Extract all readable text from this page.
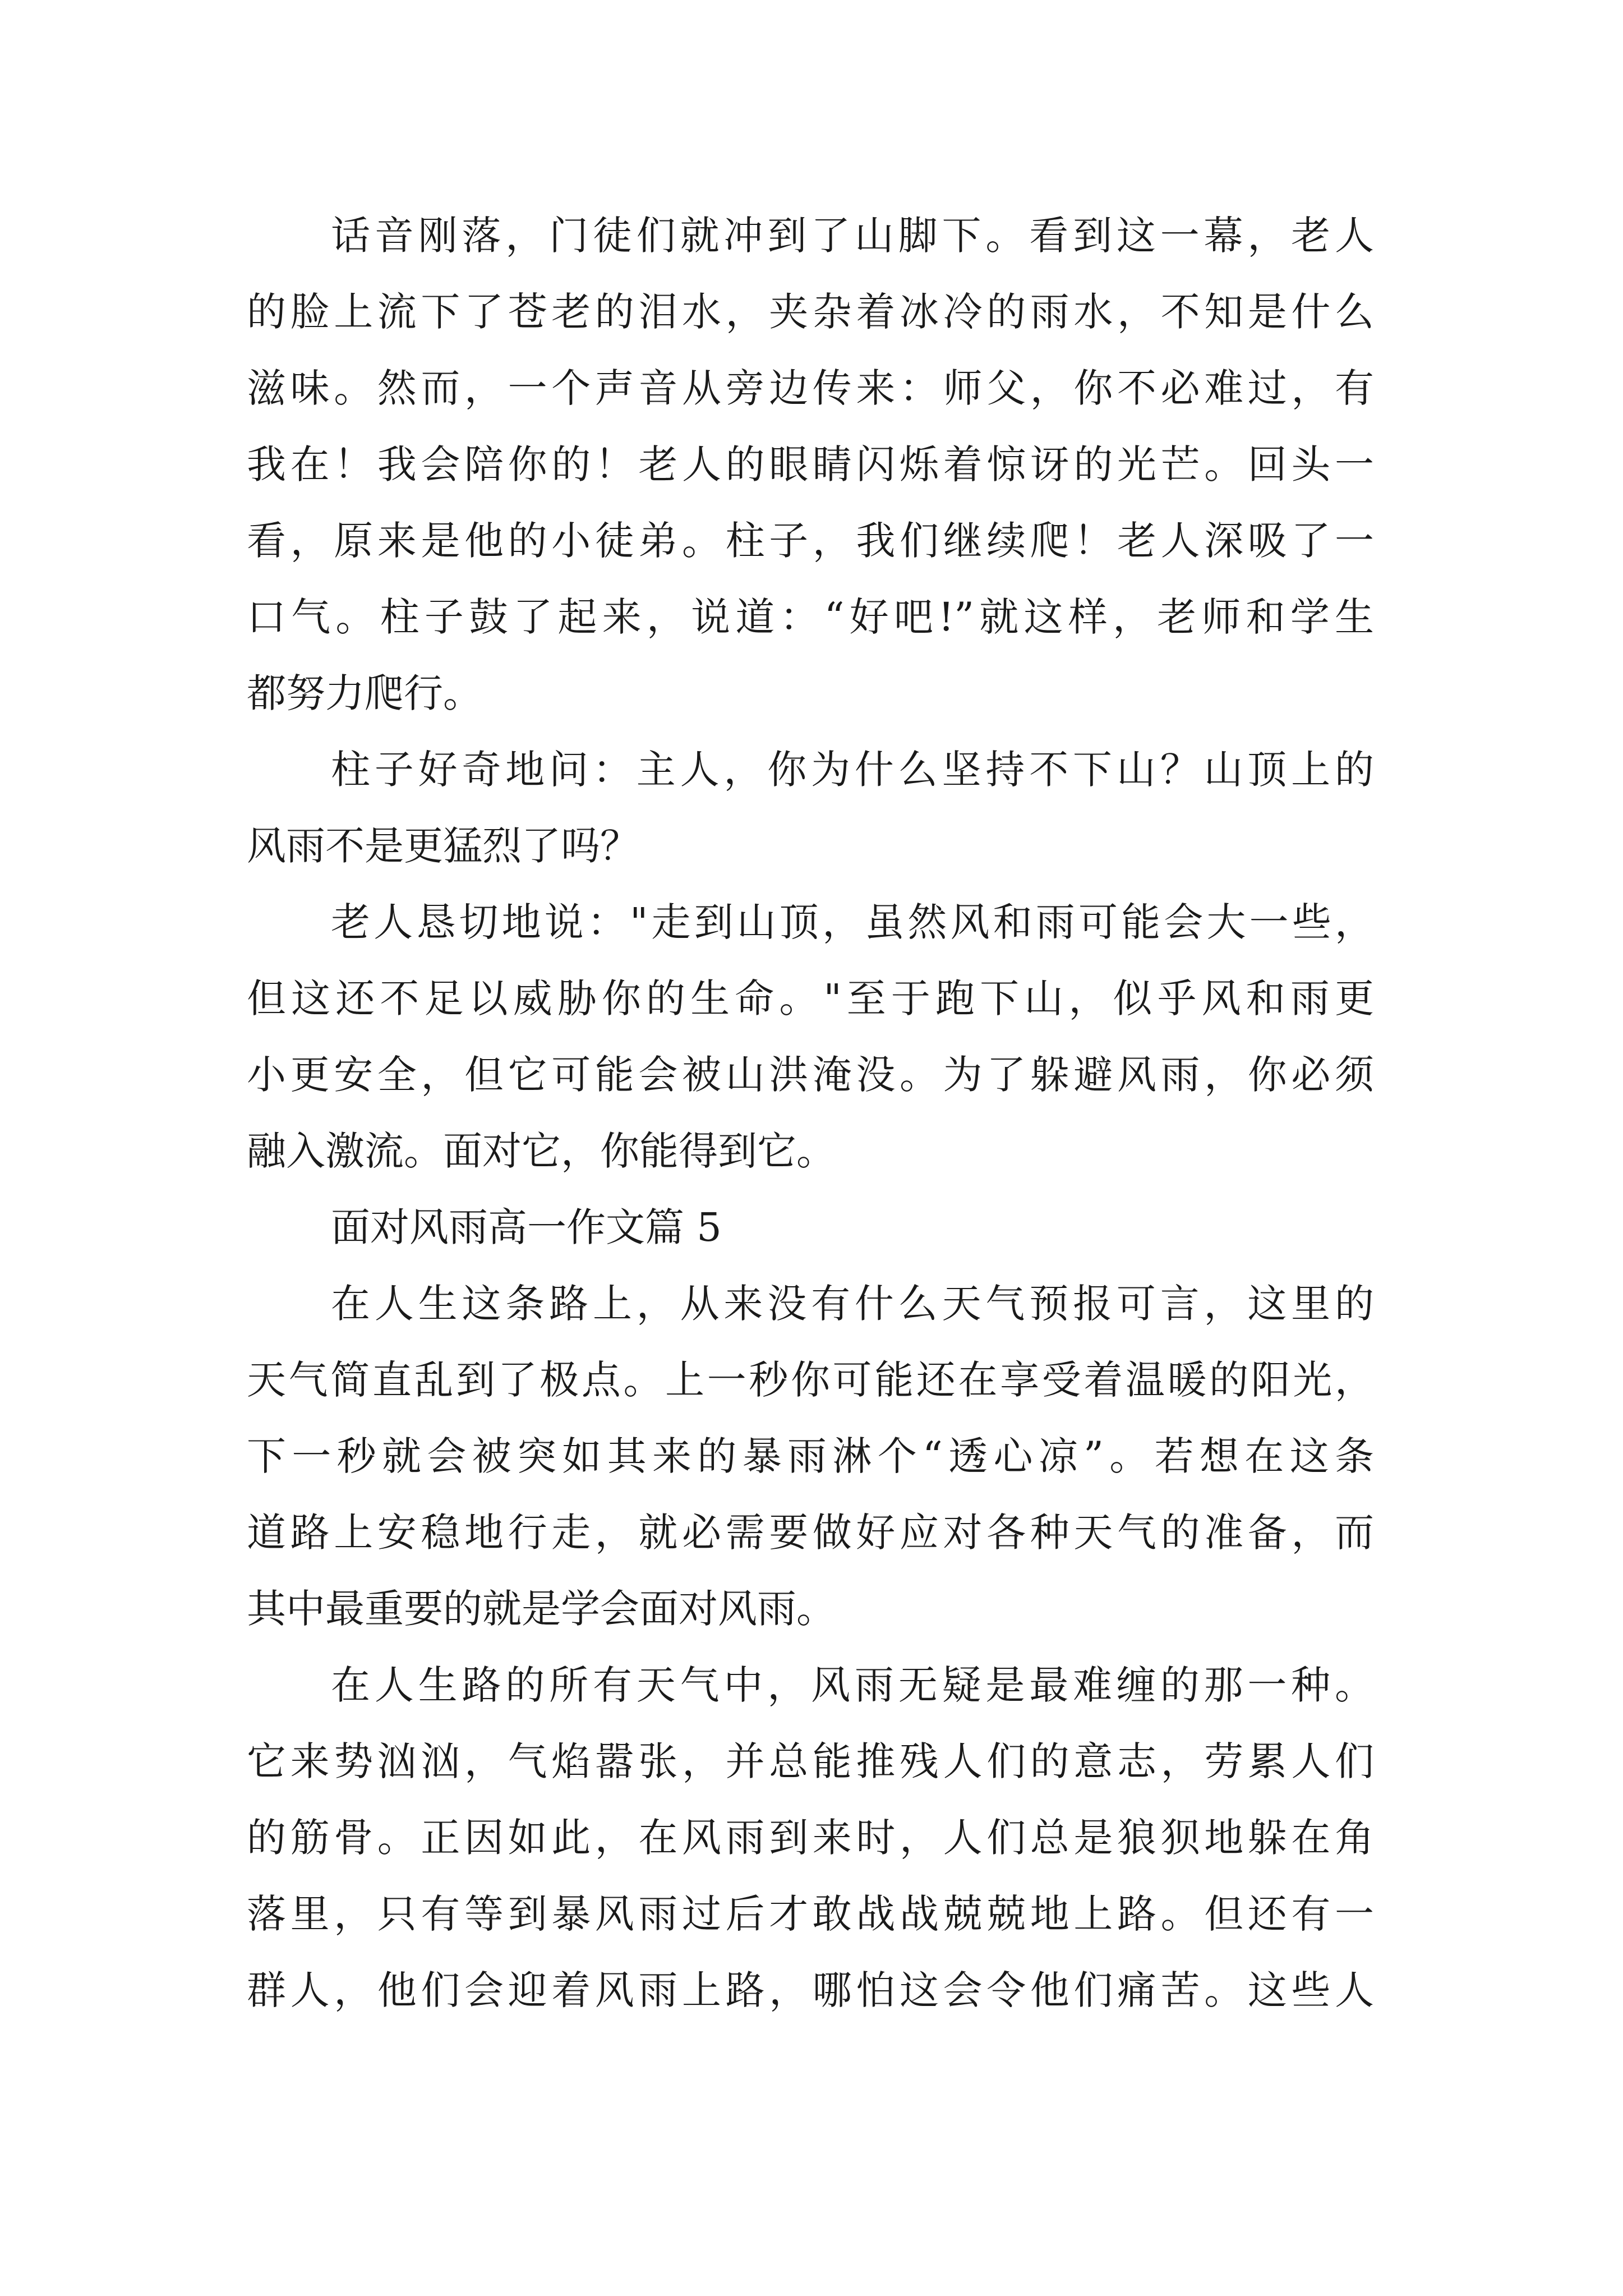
话音刚落，门徒们就冲到了山脚下。看到这一幕，老人
的脸上流下了苍老的泪水，夹杂着冰冷的雨水，不知是什么
滋味。然而，一个声音从旁边传来：师父，你不必难过，有
我在！我会陪你的！老人的眼睛闪烁着惊讶的光芒。回头一
看，原来是他的小徒弟。柱子，我们继续爬！老人深吸了一
口气。柱子鼓了起来，说道：“好吧!”就这样，老师和学生
都努力爬行。
柱子好奇地问：主人，你为什么坚持不下山？山顶上的
风雨不是更猛烈了吗？
老人恳切地说："走到山顶，虽然风和雨可能会大一些，
但这还不足以威胁你的生命。"至于跑下山，似乎风和雨更
小更安全，但它可能会被山洪淹没。为了躲避风雨，你必须
融入激流。面对它，你能得到它。
面对风雨高一作文篇 5
在人生这条路上，从来没有什么天气预报可言，这里的
天气简直乱到了极点。上一秒你可能还在享受着温暖的阳光，
下一秒就会被突如其来的暴雨淋个“透心凉”。若想在这条
道路上安稳地行走，就必需要做好应对各种天气的准备，而
其中最重要的就是学会面对风雨。
在人生路的所有天气中，风雨无疑是最难缠的那一种。
它来势汹汹，气焰嚣张，并总能推残人们的意志，劳累人们
的筋骨。正因如此，在风雨到来时，人们总是狼狈地躲在角
落里，只有等到暴风雨过后才敢战战兢兢地上路。但还有一
群人，他们会迎着风雨上路，哪怕这会令他们痛苦。这些人
